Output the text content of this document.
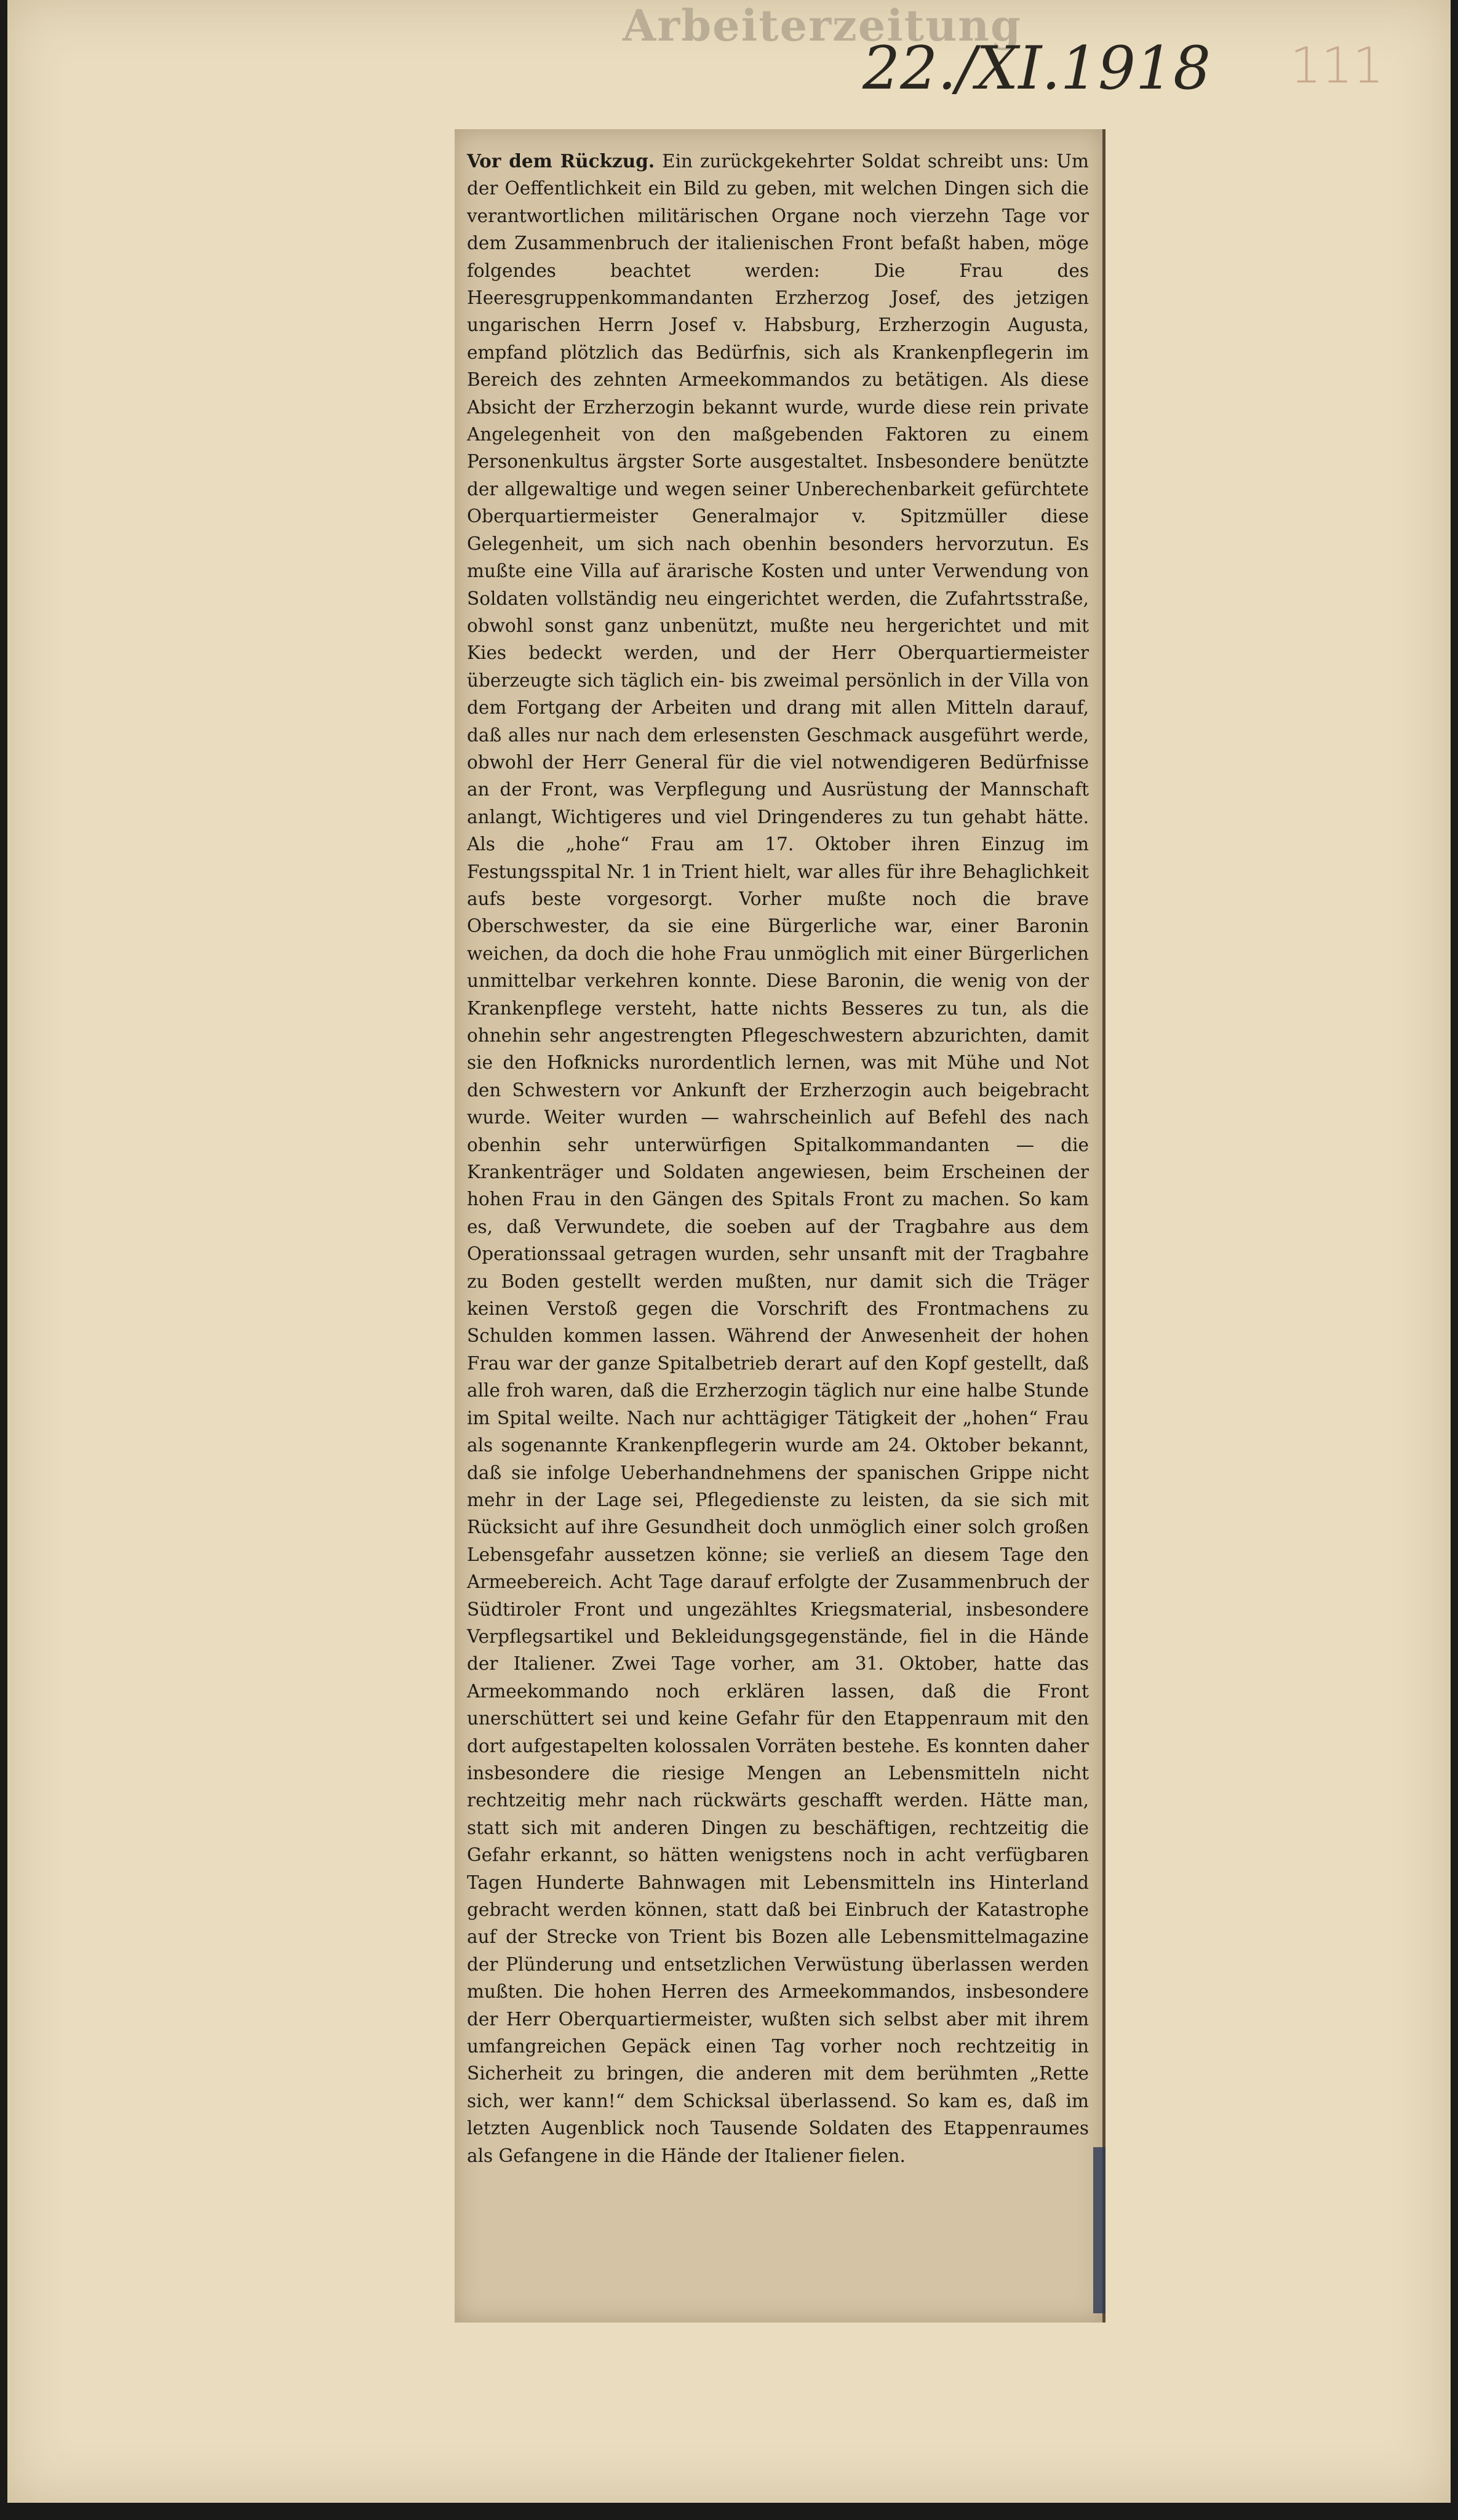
Arbeiterzeitung
22./XI.1918 111

Vor dem Rückzug. Ein zurückgekehrter Soldat schreibt uns: Um der Oeffentlichkeit ein Bild zu geben, mit welchen Dingen sich die verantwortlichen militärischen Organe noch vierzehn Tage vor dem Zusammenbruch der italienischen Front befaßt haben, möge folgendes beachtet werden: Die Frau des Heeresgruppenkommandanten Erzherzog Josef, des jetzigen ungarischen Herrn Josef v. Habsburg, Erzherzogin Augusta, empfand plötzlich das Bedürfnis, sich als Krankenpflegerin im Bereich des zehnten Armeekommandos zu betätigen. Als diese Absicht der Erzherzogin bekannt wurde, wurde diese rein private Angelegenheit von den maßgebenden Faktoren zu einem Personenkultus ärgster Sorte ausgestaltet. Insbesondere benützte der allgewaltige und wegen seiner Unberechenbarkeit gefürchtete Oberquartiermeister Generalmajor v. Spitzmüller diese Gelegenheit, um sich nach obenhin besonders hervorzutun. Es mußte eine Villa auf ärarische Kosten und unter Verwendung von Soldaten vollständig neu eingerichtet werden, die Zufahrtsstraße, obwohl sonst ganz unbenützt, mußte neu hergerichtet und mit Kies bedeckt werden, und der Herr Oberquartiermeister überzeugte sich täglich ein- bis zweimal persönlich in der Villa von dem Fortgang der Arbeiten und drang mit allen Mitteln darauf, daß alles nur nach dem erlesensten Geschmack ausgeführt werde, obwohl der Herr General für die viel notwendigeren Bedürfnisse an der Front, was Verpflegung und Ausrüstung der Mannschaft anlangt, Wichtigeres und viel Dringenderes zu tun gehabt hätte. Als die „hohe“ Frau am 17. Oktober ihren Einzug im Festungsspital Nr. 1 in Trient hielt, war alles für ihre Behaglichkeit aufs beste vorgesorgt. Vorher mußte noch die brave Oberschwester, da sie eine Bürgerliche war, einer Baronin weichen, da doch die hohe Frau unmöglich mit einer Bürgerlichen unmittelbar verkehren konnte. Diese Baronin, die wenig von der Krankenpflege versteht, hatte nichts Besseres zu tun, als die ohnehin sehr angestrengten Pflegeschwestern abzurichten, damit sie den Hofknicks nurordentlich lernen, was mit Mühe und Not den Schwestern vor Ankunft der Erzherzogin auch beigebracht wurde. Weiter wurden — wahrscheinlich auf Befehl des nach obenhin sehr unterwürfigen Spitalkommandanten — die Krankenträger und Soldaten angewiesen, beim Erscheinen der hohen Frau in den Gängen des Spitals Front zu machen. So kam es, daß Verwundete, die soeben auf der Tragbahre aus dem Operationssaal getragen wurden, sehr unsanft mit der Tragbahre zu Boden gestellt werden mußten, nur damit sich die Träger keinen Verstoß gegen die Vorschrift des Frontmachens zu Schulden kommen lassen. Während der Anwesenheit der hohen Frau war der ganze Spitalbetrieb derart auf den Kopf gestellt, daß alle froh waren, daß die Erzherzogin täglich nur eine halbe Stunde im Spital weilte. Nach nur achttägiger Tätigkeit der „hohen“ Frau als sogenannte Krankenpflegerin wurde am 24. Oktober bekannt, daß sie infolge Ueberhandnehmens der spanischen Grippe nicht mehr in der Lage sei, Pflegedienste zu leisten, da sie sich mit Rücksicht auf ihre Gesundheit doch unmöglich einer solch großen Lebensgefahr aussetzen könne; sie verließ an diesem Tage den Armeebereich. Acht Tage darauf erfolgte der Zusammenbruch der Südtiroler Front und ungezähltes Kriegsmaterial, insbesondere Verpflegsartikel und Bekleidungsgegenstände, fiel in die Hände der Italiener. Zwei Tage vorher, am 31. Oktober, hatte das Armeekommando noch erklären lassen, daß die Front unerschüttert sei und keine Gefahr für den Etappenraum mit den dort aufgestapelten kolossalen Vorräten bestehe. Es konnten daher insbesondere die riesige Mengen an Lebensmitteln nicht rechtzeitig mehr nach rückwärts geschafft werden. Hätte man, statt sich mit anderen Dingen zu beschäftigen, rechtzeitig die Gefahr erkannt, so hätten wenigstens noch in acht verfügbaren Tagen Hunderte Bahnwagen mit Lebensmitteln ins Hinterland gebracht werden können, statt daß bei Einbruch der Katastrophe auf der Strecke von Trient bis Bozen alle Lebensmittelmagazine der Plünderung und entsetzlichen Verwüstung überlassen werden mußten. Die hohen Herren des Armeekommandos, insbesondere der Herr Oberquartiermeister, wußten sich selbst aber mit ihrem umfangreichen Gepäck einen Tag vorher noch rechtzeitig in Sicherheit zu bringen, die anderen mit dem berühmten „Rette sich, wer kann!“ dem Schicksal überlassend. So kam es, daß im letzten Augenblick noch Tausende Soldaten des Etappenraumes als Gefangene in die Hände der Italiener fielen.
